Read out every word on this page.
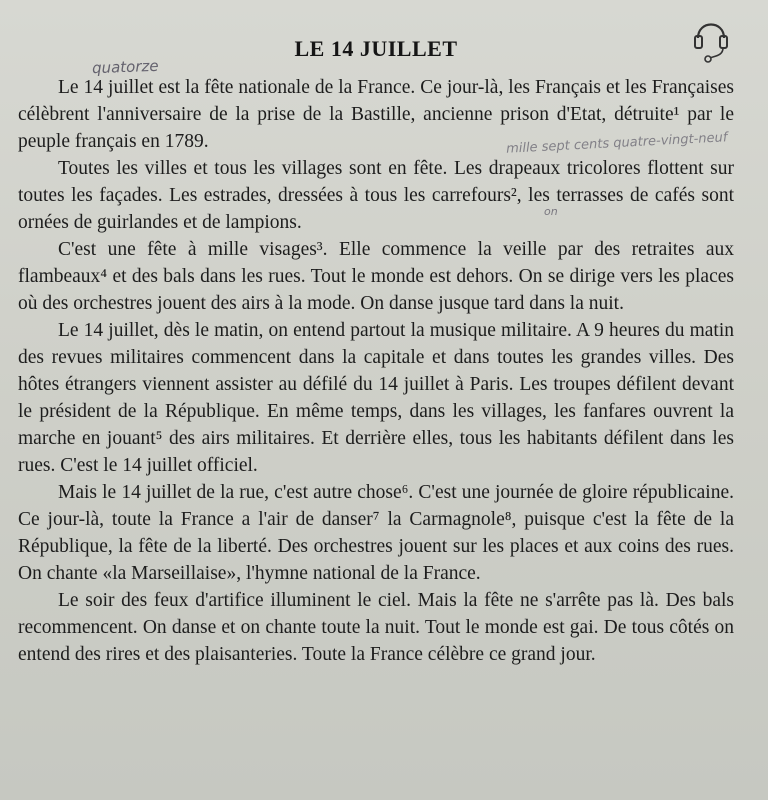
quatorze
mille sept cents quatre-vingt-neuf
on
LE 14 JUILLET

Le 14 juillet est la fête nationale de la France. Ce jour-là, les Français et les Françaises célèbrent l'anniversaire de la prise de la Bastille, ancienne prison d'Etat, détruite¹ par le peuple français en 1789.

Toutes les villes et tous les villages sont en fête. Les drapeaux tricolores flottent sur toutes les façades. Les estrades, dressées à tous les carrefours², les terrasses de cafés sont ornées de guirlandes et de lampions.

C'est une fête à mille visages³. Elle commence la veille par des retraites aux flambeaux⁴ et des bals dans les rues. Tout le monde est dehors. On se dirige vers les places où des orchestres jouent des airs à la mode. On danse jusque tard dans la nuit.

Le 14 juillet, dès le matin, on entend partout la musique militaire. A 9 heures du matin des revues militaires commencent dans la capitale et dans toutes les grandes villes. Des hôtes étrangers viennent assister au défilé du 14 juillet à Paris. Les troupes défilent devant le président de la République. En même temps, dans les villages, les fanfares ouvrent la marche en jouant⁵ des airs militaires. Et derrière elles, tous les habitants défilent dans les rues. C'est le 14 juillet officiel.

Mais le 14 juillet de la rue, c'est autre chose⁶. C'est une journée de gloire républicaine. Ce jour-là, toute la France a l'air de danser⁷ la Carmagnole⁸, puisque c'est la fête de la République, la fête de la liberté. Des orchestres jouent sur les places et aux coins des rues. On chante «la Marseillaise», l'hymne national de la France.

Le soir des feux d'artifice illuminent le ciel. Mais la fête ne s'arrête pas là. Des bals recommencent. On danse et on chante toute la nuit. Tout le monde est gai. De tous côtés on entend des rires et des plaisanteries. Toute la France célèbre ce grand jour.
